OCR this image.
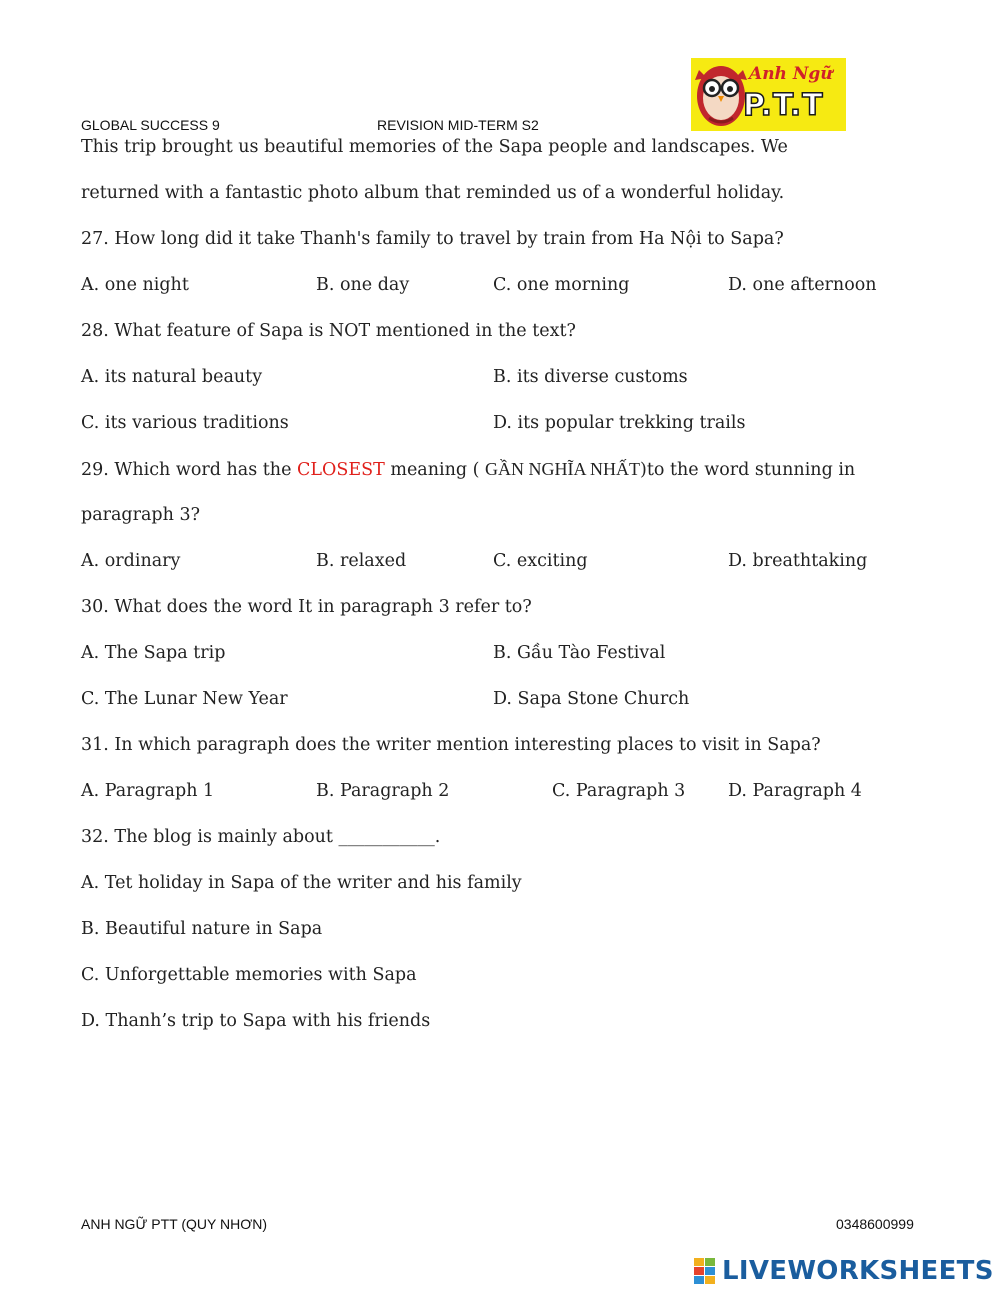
GLOBAL SUCCESS 9	REVISION MID-TERM S2
Anh Ngữ
P.T.T
This trip brought us beautiful memories of the Sapa people and landscapes. We
returned with a fantastic photo album that reminded us of a wonderful holiday.
27. How long did it take Thanh's family to travel by train from Ha Nội to Sapa?
A. one night	B. one day	C. one morning	D. one afternoon
28. What feature of Sapa is NOT mentioned in the text?
A. its natural beauty	B. its diverse customs
C. its various traditions	D. its popular trekking trails
29. Which word has the CLOSEST meaning ( GẦN NGHĨA NHẤT)to the word stunning in
paragraph 3?
A. ordinary	B. relaxed	C. exciting	D. breathtaking
30. What does the word It in paragraph 3 refer to?
A. The Sapa trip	B. Gầu Tào Festival
C. The Lunar New Year	D. Sapa Stone Church
31. In which paragraph does the writer mention interesting places to visit in Sapa?
A. Paragraph 1	B. Paragraph 2	C. Paragraph 3 D. Paragraph 4
32. The blog is mainly about ___________.
A. Tet holiday in Sapa of the writer and his family
B. Beautiful nature in Sapa
C. Unforgettable memories with Sapa
D. Thanh’s trip to Sapa with his friends
ANH NGỮ PTT (QUY NHƠN)	0348600999
LIVEWORKSHEETS
